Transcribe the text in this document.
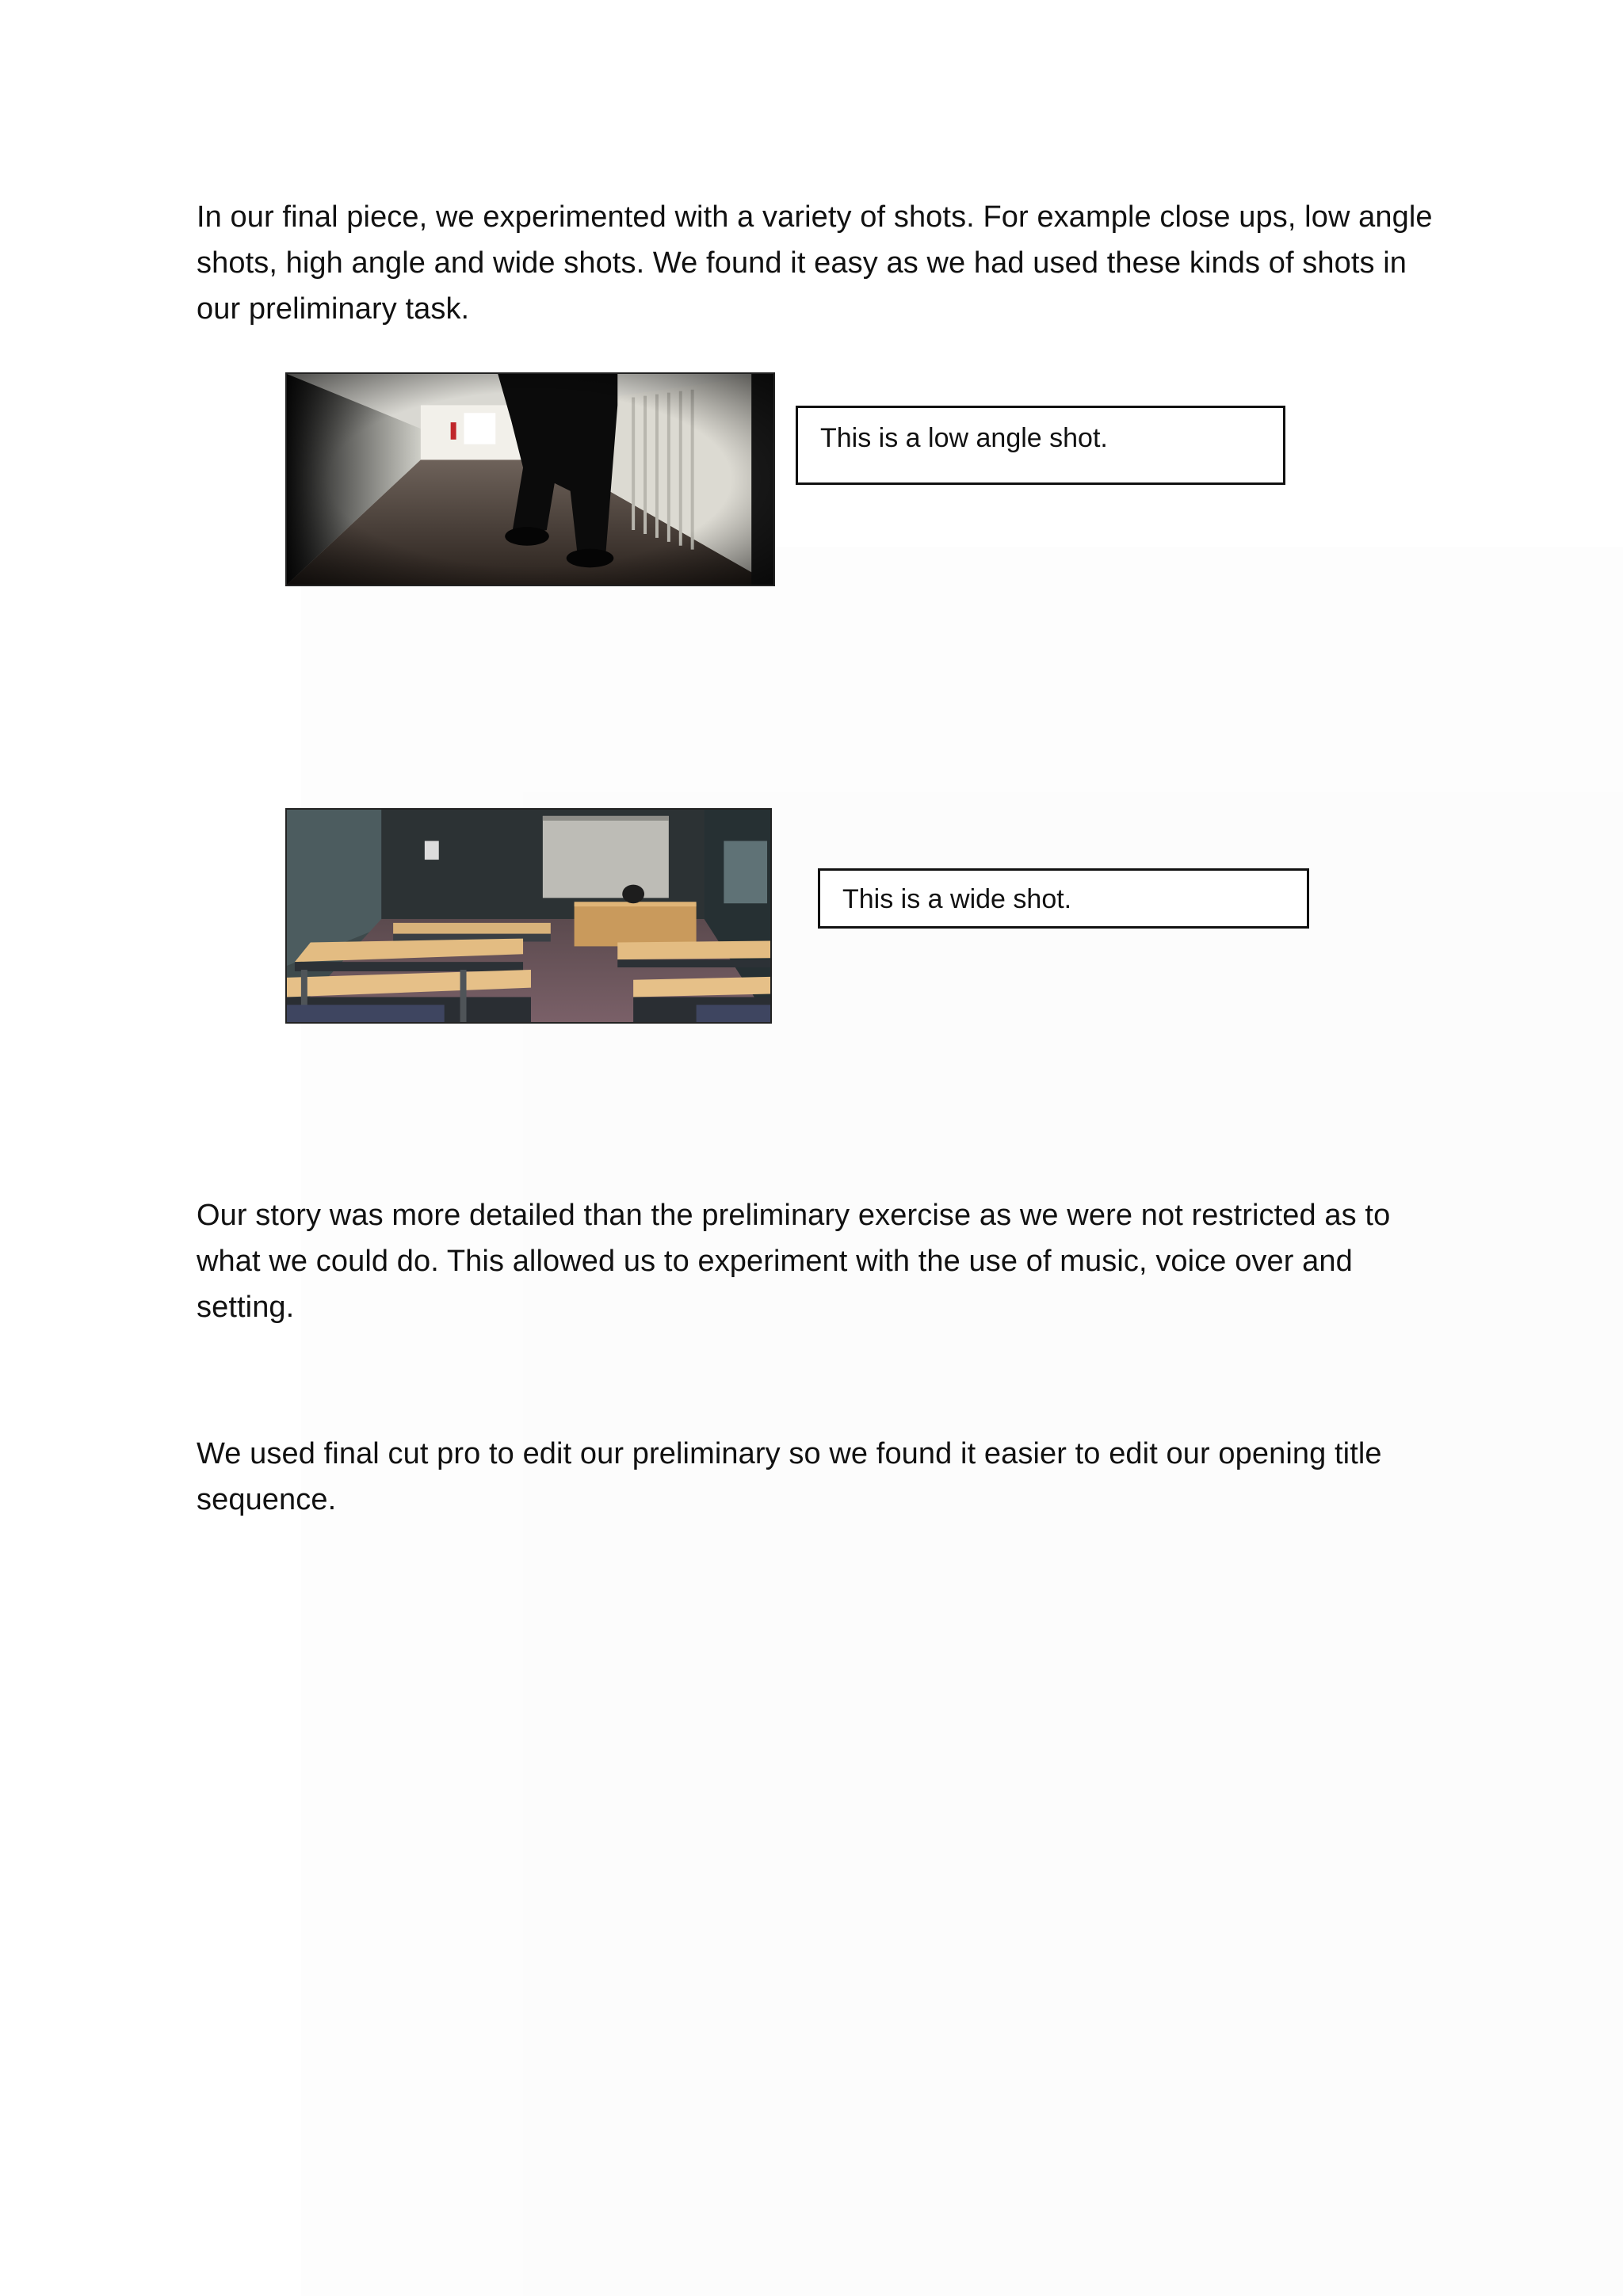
In our final piece, we experimented with a variety of shots. For example close ups, low angle shots, high angle and wide shots. We found it easy as we had used these kinds of shots in our preliminary task.

This is a low angle shot.
This is a wide shot.

Our story was more detailed than the preliminary exercise as we were not restricted as to what we could do. This allowed us to experiment with the use of music, voice over and setting.

We used final cut pro to edit our preliminary so we found it easier to edit our opening title sequence.
